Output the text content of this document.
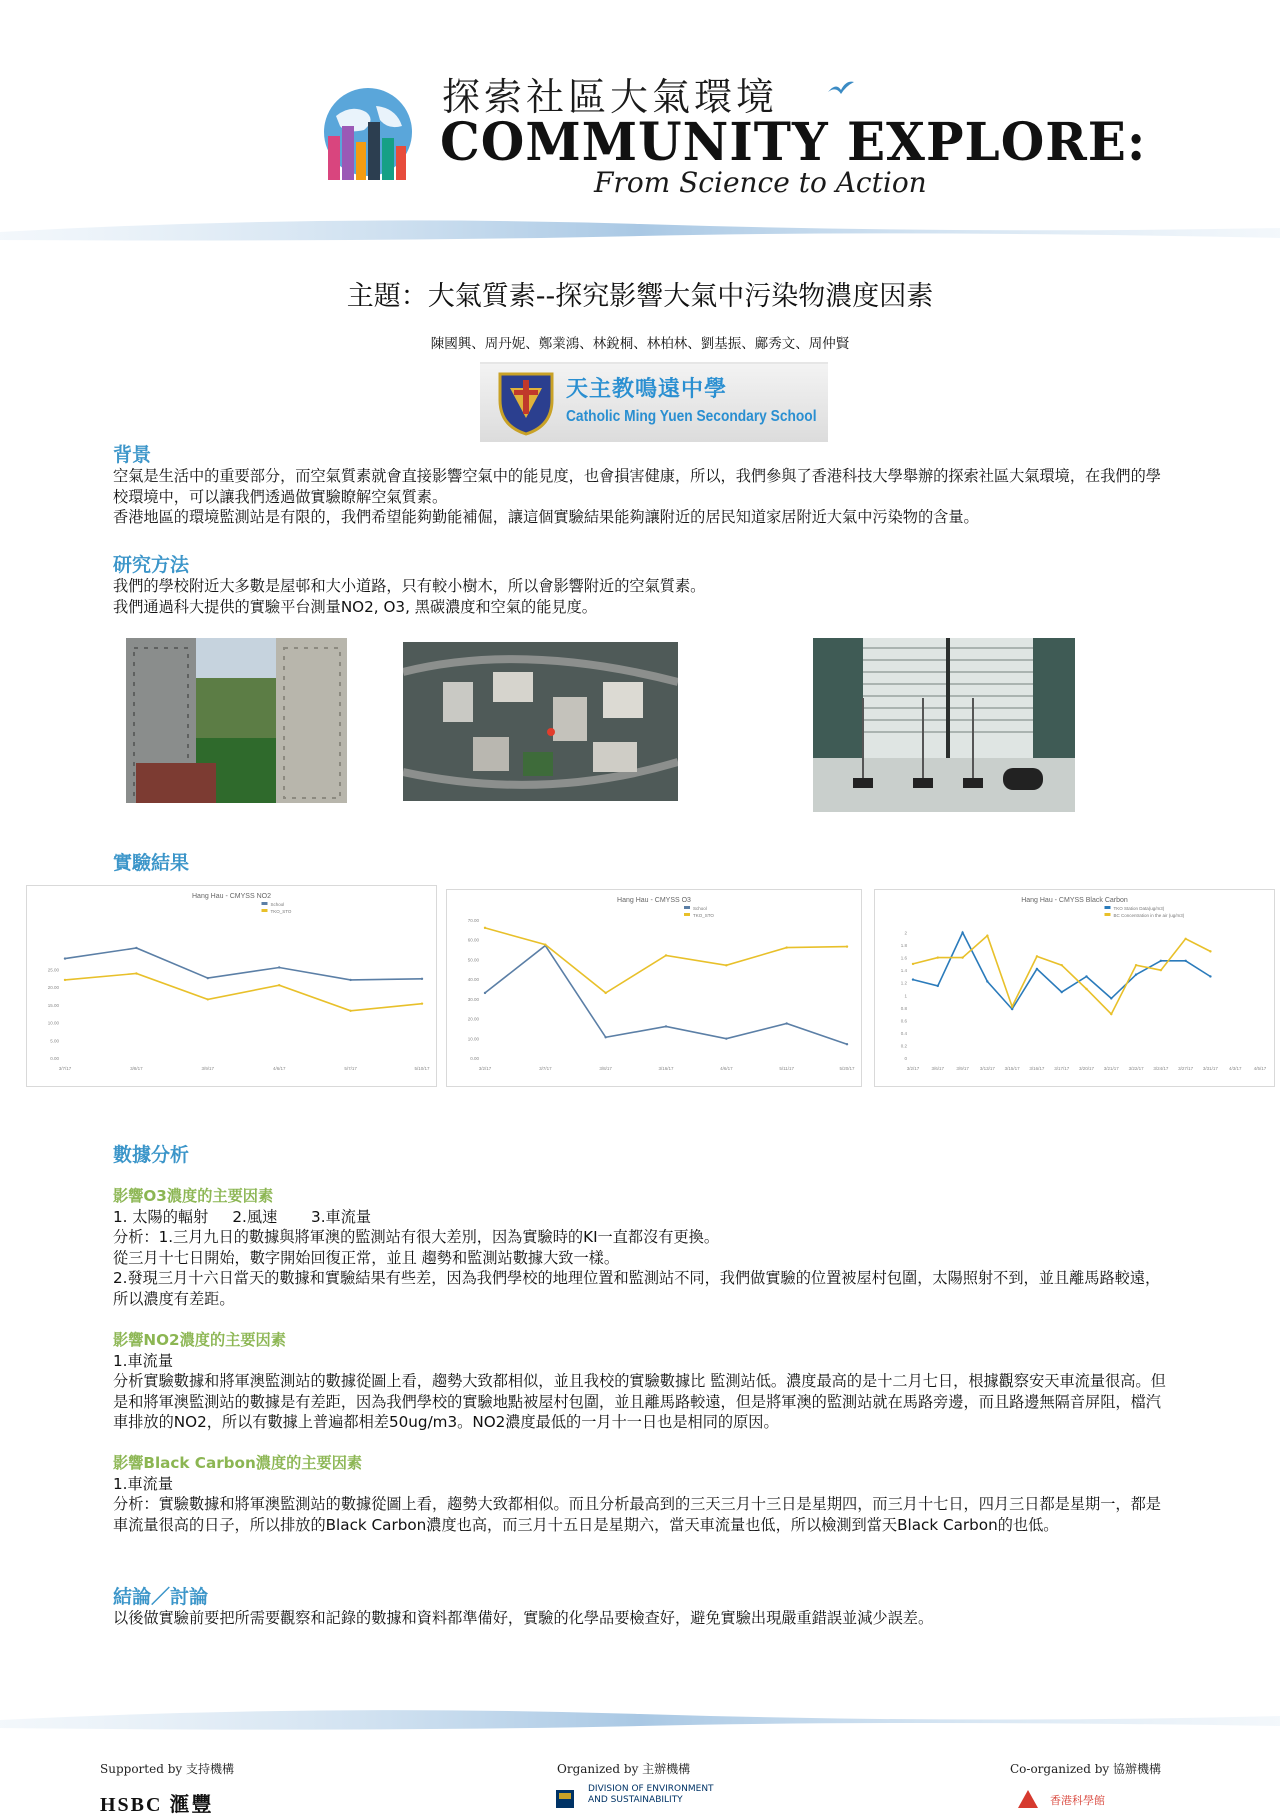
探索社區大氣環境
COMMUNITY EXPLORE:
From Science to Action
主題：大氣質素--探究影響大氣中污染物濃度因素
陳國興、周丹妮、鄭業鴻、林銳桐、林柏林、劉基振、鄺秀文、周仲賢
天主教鳴遠中學
Catholic Ming Yuen Secondary School
背景

空氣是生活中的重要部分，而空氣質素就會直接影響空氣中的能見度，也會損害健康，所以，我們參與了香港科技大學舉辦的探索社區大氣環境，在我們的學校環境中，可以讓我們透過做實驗瞭解空氣質素。

香港地區的環境監測站是有限的，我們希望能夠勤能補倔，讓這個實驗結果能夠讓附近的居民知道家居附近大氣中污染物的含量。

研究方法

我們的學校附近大多數是屋邨和大小道路，只有較小樹木，所以會影響附近的空氣質素。

我們通過科大提供的實驗平台測量NO2, O3, 黑碳濃度和空氣的能見度。

實驗結果
Hang Hau - CMYSS NO2
School
TKO_STO
0.00
5.00
10.00
15.00
20.00
25.00
3/7/17	3/8/17	3/9/17	4/6/17	5/7/17	5/10/17
Hang Hau - CMYSS O3
School
TKO_STO
0.00
10.00
20.00
30.00
40.00
50.00
60.00
70.00
3/2/17	3/7/17	3/8/17	3/16/17	4/6/17	5/11/17	5/20/17
Hang Hau - CMYSS Black Carbon
TKO Station Data(ug/m3)
BC Concentration in the air (ug/m3)
0
0.2
0.4
0.6
0.8
1
1.2
1.4
1.6
1.8
2
3/2/17	3/6/17	3/9/17 3/13/17 3/15/17 3/16/17 3/17/17 3/20/17 3/21/17 3/22/17 3/24/17 3/27/17 3/31/17 4/3/17	4/5/17
數據分析

影響O3濃度的主要因素

1. 太陽的輻射     2.風速       3.車流量

分析：1.三月九日的數據與將軍澳的監測站有很大差別，因為實驗時的KI一直都沒有更換。

從三月十七日開始，數字開始回復正常，並且 趨勢和監測站數據大致一樣。

2.發現三月十六日當天的數據和實驗結果有些差，因為我們學校的地理位置和監測站不同，我們做實驗的位置被屋村包圍，太陽照射不到，並且離馬路較遠，所以濃度有差距。

影響NO2濃度的主要因素

1.車流量

分析實驗數據和將軍澳監測站的數據從圖上看，趨勢大致都相似，並且我校的實驗數據比 監測站低。濃度最高的是十二月七日，根據觀察安天車流量很高。但是和將軍澳監測站的數據是有差距，因為我們學校的實驗地點被屋村包圍，並且離馬路較遠，但是將軍澳的監測站就在馬路旁邊，而且路邊無隔音屏阻，檔汽車排放的NO2，所以有數據上普遍都相差50ug/m3。NO2濃度最低的一月十一日也是相同的原因。

影響Black Carbon濃度的主要因素

1.車流量

分析：實驗數據和將軍澳監測站的數據從圖上看，趨勢大致都相似。而且分析最高到的三天三月十三日是星期四，而三月十七日，四月三日都是星期一，都是車流量很高的日子，所以排放的Black Carbon濃度也高，而三月十五日是星期六，當天車流量也低，所以檢測到當天Black Carbon的也低。

結論／討論

以後做實驗前要把所需要觀察和記錄的數據和資料都準備好，實驗的化學品要檢查好，避免實驗出現嚴重錯誤並減少誤差。

Supported by 支持機構	Organized by 主辦機構	Co-organized by 協辦機構
HSBC 滙豐
DIVISION OF ENVIRONMENT AND SUSTAINABILITY	香港科學館
